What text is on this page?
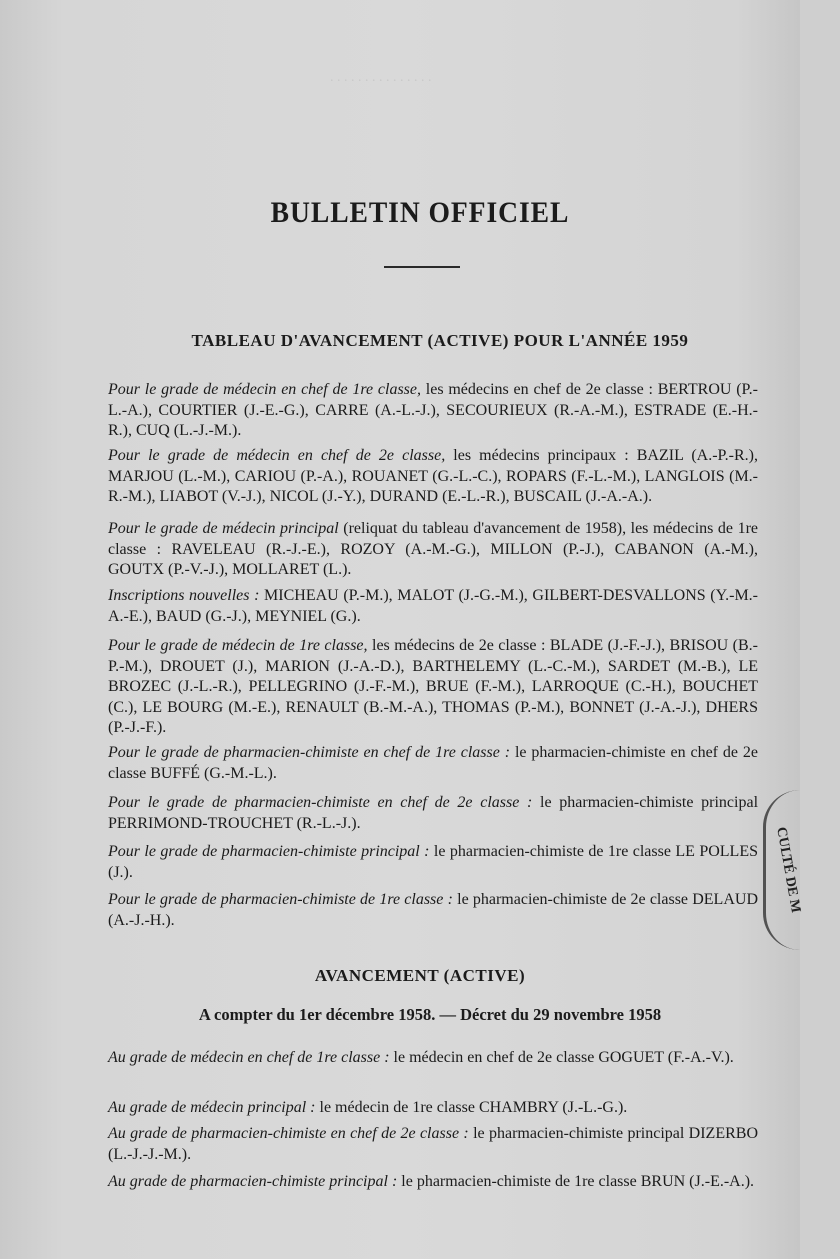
. . . . . . . . . . . . . . .
BULLETIN OFFICIEL
TABLEAU D'AVANCEMENT (ACTIVE) POUR L'ANNÉE 1959
Pour le grade de médecin en chef de 1re classe, les médecins en chef de 2e classe : BERTROU (P.-L.-A.), COURTIER (J.-E.-G.), CARRE (A.-L.-J.), SECOURIEUX (R.-A.-M.), ESTRADE (E.-H.-R.), CUQ (L.-J.-M.).
Pour le grade de médecin en chef de 2e classe, les médecins principaux : BAZIL (A.-P.-R.), MARJOU (L.-M.), CARIOU (P.-A.), ROUANET (G.-L.-C.), ROPARS (F.-L.-M.), LANGLOIS (M.-R.-M.), LIABOT (V.-J.), NICOL (J.-Y.), DURAND (E.-L.-R.), BUSCAIL (J.-A.-A.).
Pour le grade de médecin principal (reliquat du tableau d'avancement de 1958), les médecins de 1re classe : RAVELEAU (R.-J.-E.), ROZOY (A.-M.-G.), MILLON (P.-J.), CABANON (A.-M.), GOUTX (P.-V.-J.), MOLLARET (L.).
Inscriptions nouvelles : MICHEAU (P.-M.), MALOT (J.-G.-M.), GILBERT-DESVALLONS (Y.-M.-A.-E.), BAUD (G.-J.), MEYNIEL (G.).
Pour le grade de médecin de 1re classe, les médecins de 2e classe : BLADE (J.-F.-J.), BRISOU (B.-P.-M.), DROUET (J.), MARION (J.-A.-D.), BARTHELEMY (L.-C.-M.), SARDET (M.-B.), LE BROZEC (J.-L.-R.), PELLEGRINO (J.-F.-M.), BRUE (F.-M.), LARROQUE (C.-H.), BOUCHET (C.), LE BOURG (M.-E.), RENAULT (B.-M.-A.), THOMAS (P.-M.), BONNET (J.-A.-J.), DHERS (P.-J.-F.).
Pour le grade de pharmacien-chimiste en chef de 1re classe : le pharmacien-chimiste en chef de 2e classe BUFFÉ (G.-M.-L.).
Pour le grade de pharmacien-chimiste en chef de 2e classe : le pharmacien-chimiste principal PERRIMOND-TROUCHET (R.-L.-J.).
Pour le grade de pharmacien-chimiste principal : le pharmacien-chimiste de 1re classe LE POLLES (J.).
Pour le grade de pharmacien-chimiste de 1re classe : le pharmacien-chimiste de 2e classe DELAUD (A.-J.-H.).
AVANCEMENT (ACTIVE)
A compter du 1er décembre 1958. — Décret du 29 novembre 1958
Au grade de médecin en chef de 1re classe : le médecin en chef de 2e classe GOGUET (F.-A.-V.).
Au grade de médecin principal : le médecin de 1re classe CHAMBRY (J.-L.-G.).
Au grade de pharmacien-chimiste en chef de 2e classe : le pharmacien-chimiste principal DIZERBO (L.-J.-J.-M.).
Au grade de pharmacien-chimiste principal : le pharmacien-chimiste de 1re classe BRUN (J.-E.-A.).
CULTÉ DE M
